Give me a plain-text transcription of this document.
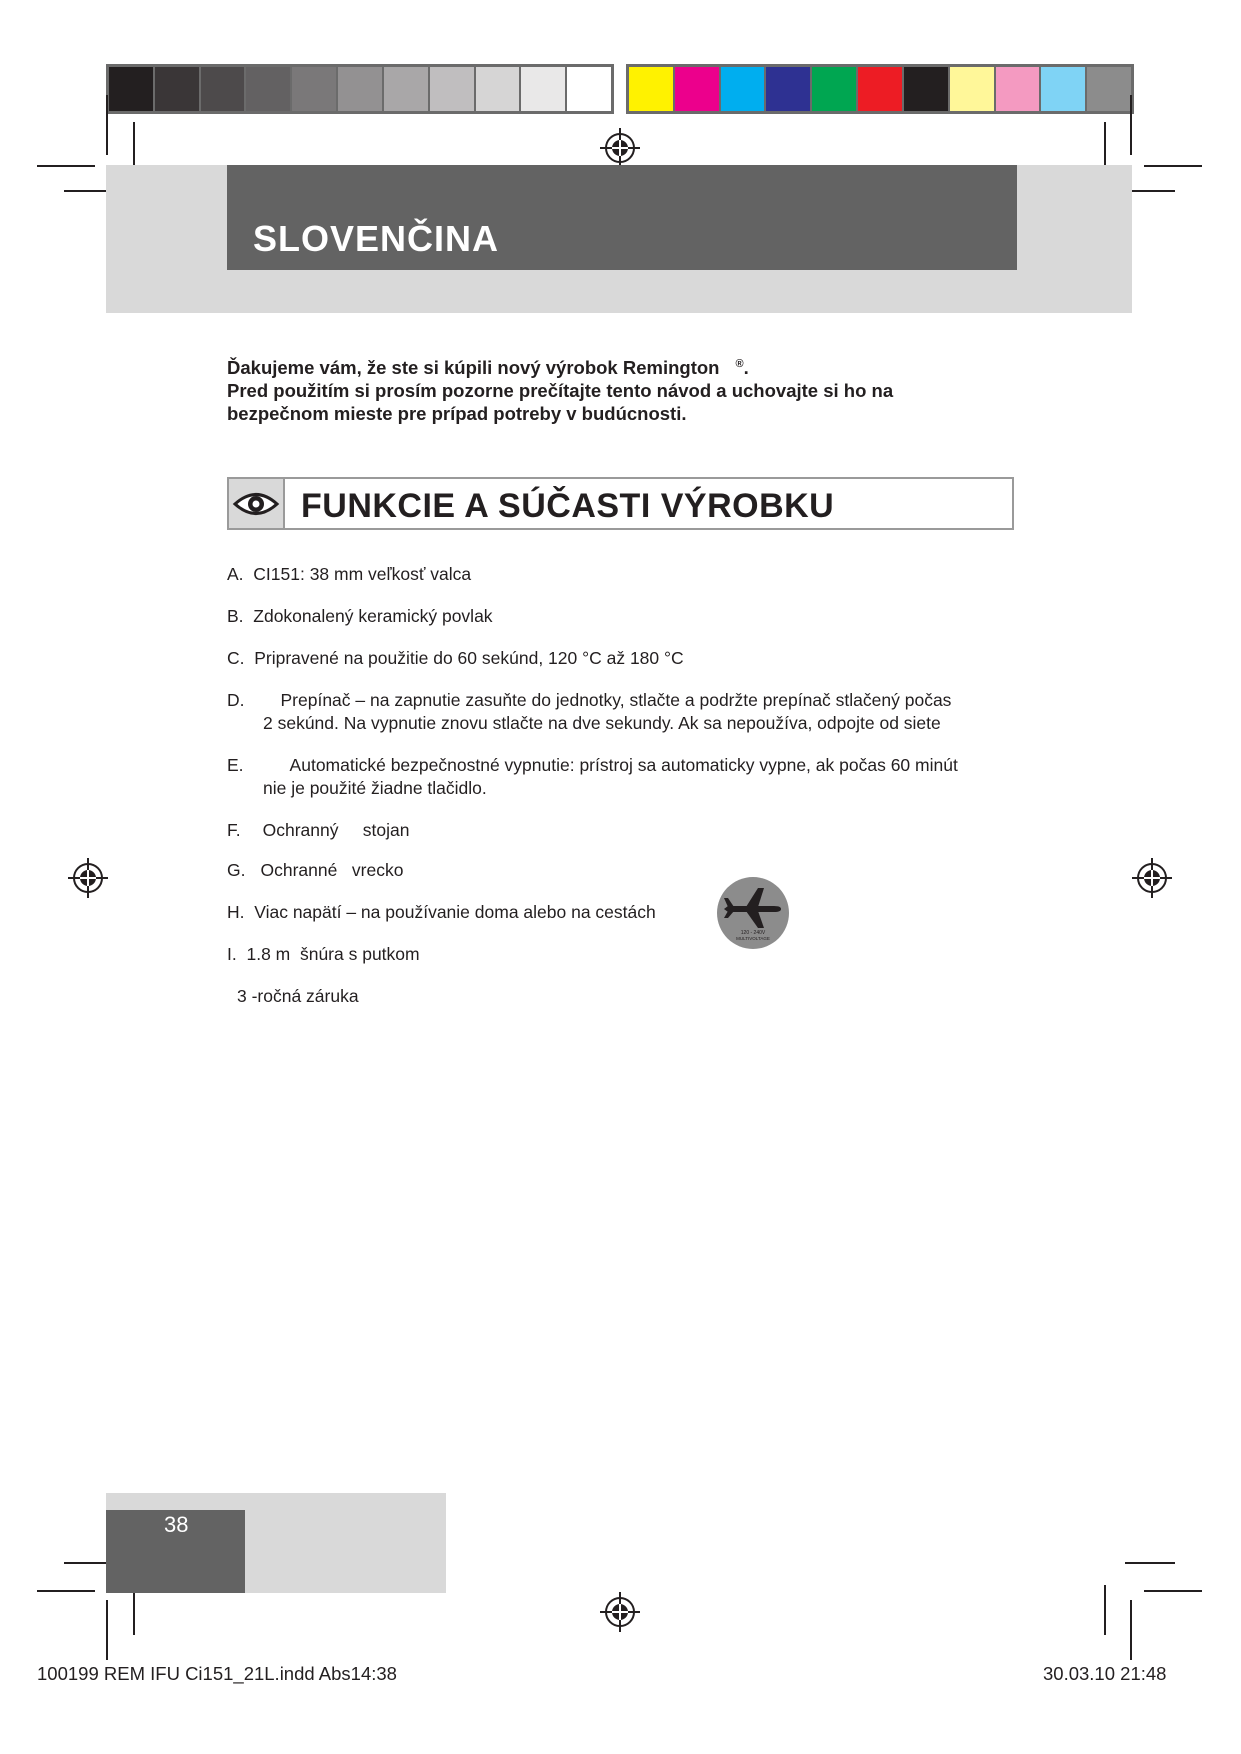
SLOVENČINA

Ďakujeme vám, že ste si kúpili nový výrobok Remington ®.

Pred použitím si prosím pozorne prečítajte tento návod a uchovajte si ho na

bezpečnom mieste pre prípad potreby v budúcnosti.

FUNKCIE A SÚČASTI VÝROBKU
A. CI151: 38 mm veľkosť valca
B. Zdokonalený keramický povlak
C. Pripravené na použitie do 60 sekúnd, 120 °C až 180 °C
D. Prepínač – na zapnutie zasuňte do jednotky, stlačte a podržte prepínač stlačený počas
2 sekúnd. Na vypnutie znovu stlačte na dve sekundy. Ak sa nepoužíva, odpojte od siete
E.	Automatické bezpečnostné vypnutie: prístroj sa automaticky vypne, ak počas 60 minút
nie je použité žiadne tlačidlo.
F. Ochranný     stojan
G. Ochranné   vrecko
H. Viac napätí – na používanie doma alebo na cestách
I. 1.8 m  šnúra s putkom
3 -ročná záruka
120 - 240V
MULTIVOLTAGE
38
100199 REM IFU Ci151_21L.indd Abs14:38	30.03.10 21:48
